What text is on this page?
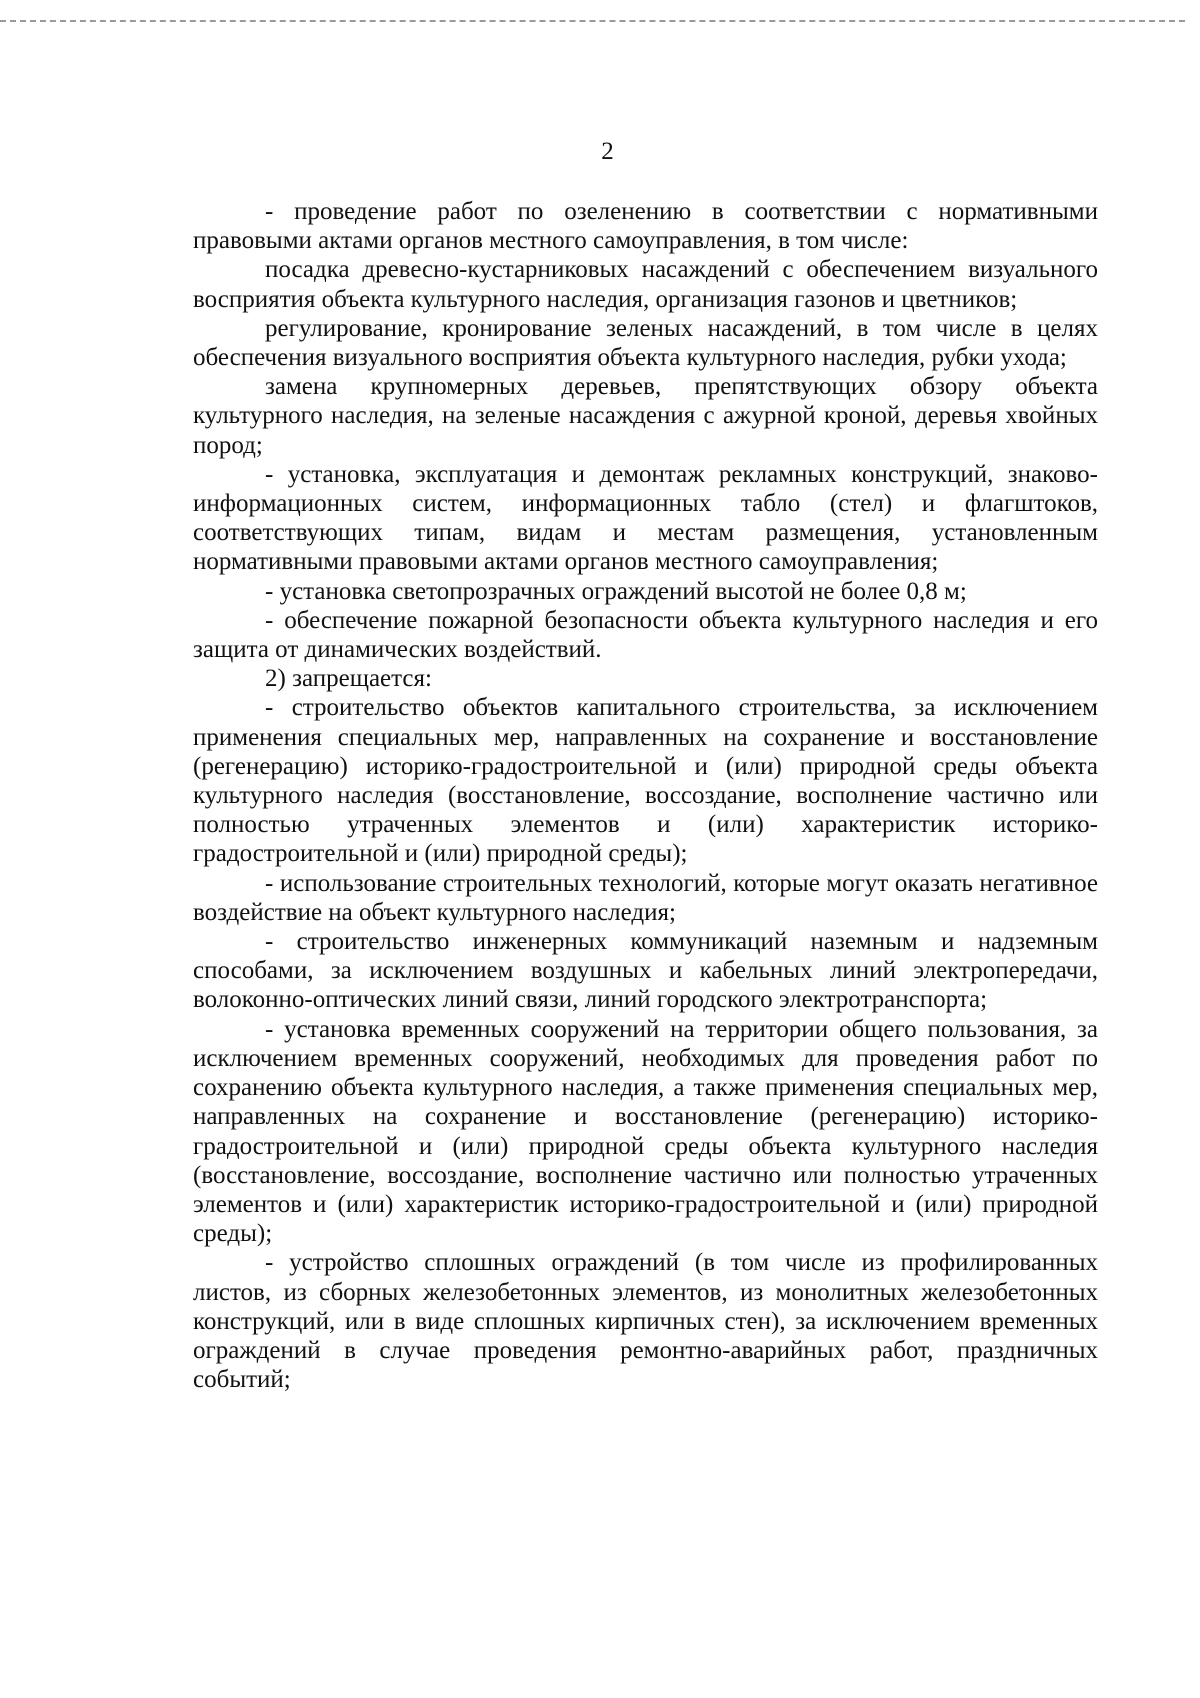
2

- проведение работ по озеленению в соответствии с нормативными правовыми актами органов местного самоуправления, в том числе:

посадка древесно-кустарниковых насаждений с обеспечением визуального восприятия объекта культурного наследия, организация газонов и цветников;

регулирование, кронирование зеленых насаждений, в том числе в целях обеспечения визуального восприятия объекта культурного наследия, рубки ухода;

замена крупномерных деревьев, препятствующих обзору объекта культурного наследия, на зеленые насаждения с ажурной кроной, деревья хвойных пород;

- установка, эксплуатация и демонтаж рекламных конструкций, знаково-информационных систем, информационных табло (стел) и флагштоков, соответствующих типам, видам и местам размещения, установленным нормативными правовыми актами органов местного самоуправления;

- установка светопрозрачных ограждений высотой не более 0,8 м;

- обеспечение пожарной безопасности объекта культурного наследия и его защита от динамических воздействий.

2) запрещается:

- строительство объектов капитального строительства, за исключением применения специальных мер, направленных на сохранение и восстановление (регенерацию) историко-градостроительной и (или) природной среды объекта культурного наследия (восстановление, воссоздание, восполнение частично или полностью утраченных элементов и (или) характеристик историко-градостроительной и (или) природной среды);

- использование строительных технологий, которые могут оказать негативное воздействие на объект культурного наследия;

- строительство инженерных коммуникаций наземным и надземным способами, за исключением воздушных и кабельных линий электропередачи, волоконно-оптических линий связи, линий городского электротранспорта;

- установка временных сооружений на территории общего пользования, за исключением временных сооружений, необходимых для проведения работ по сохранению объекта культурного наследия, а также применения специальных мер, направленных на сохранение и восстановление (регенерацию) историко-градостроительной и (или) природной среды объекта культурного наследия (восстановление, воссоздание, восполнение частично или полностью утраченных элементов и (или) характеристик историко-градостроительной и (или) природной среды);

- устройство сплошных ограждений (в том числе из профилированных листов, из сборных железобетонных элементов, из монолитных железобетонных конструкций, или в виде сплошных кирпичных стен), за исключением временных ограждений в случае проведения ремонтно-аварийных работ, праздничных событий;
